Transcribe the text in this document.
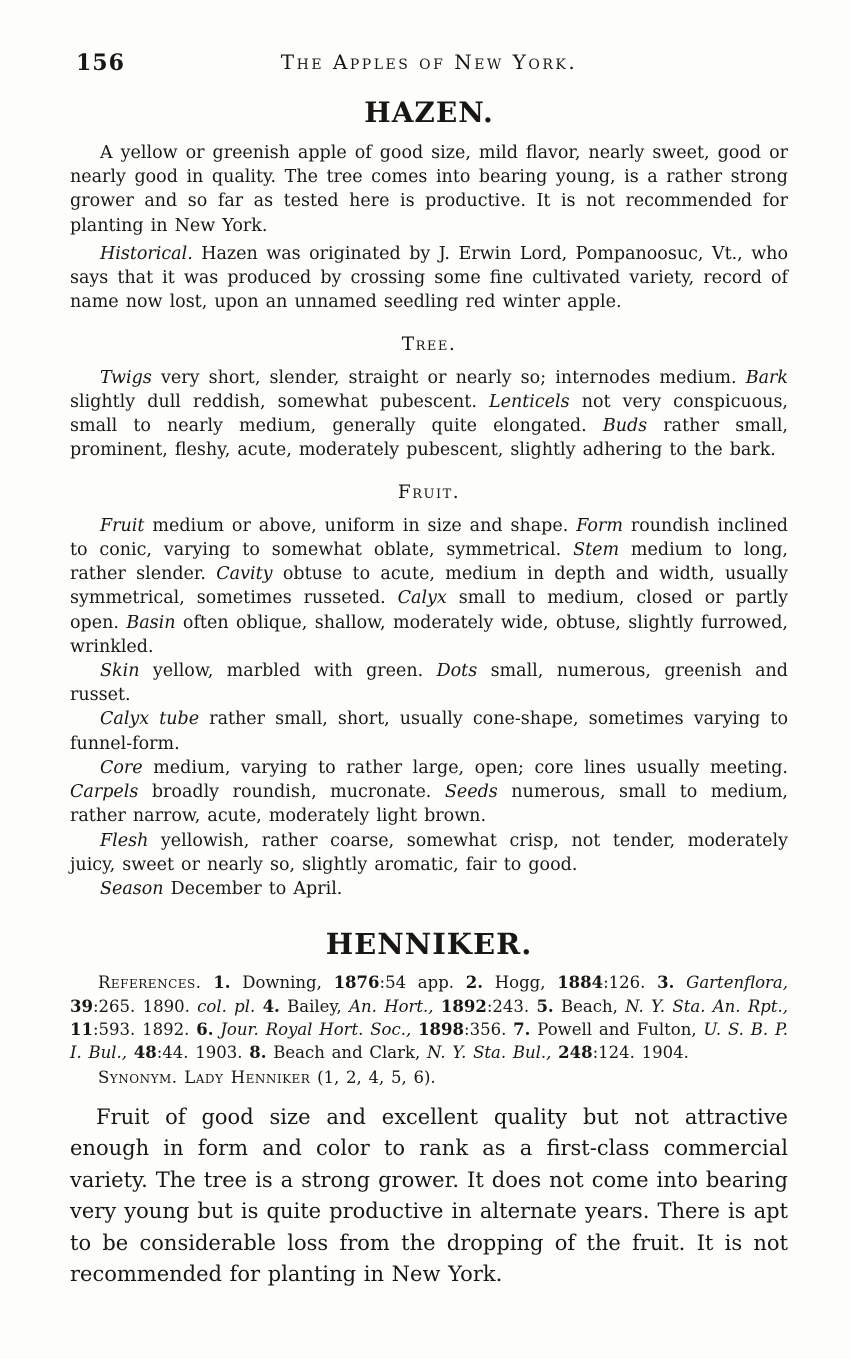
156	The Apples of New York.
HAZEN.

A yellow or greenish apple of good size, mild flavor, nearly sweet, good or nearly good in quality. The tree comes into bearing young, is a rather strong grower and so far as tested here is productive. It is not recommended for planting in New York.

Historical. Hazen was originated by J. Erwin Lord, Pompanoosuc, Vt., who says that it was produced by crossing some fine cultivated variety, record of name now lost, upon an unnamed seedling red winter apple.

Tree.

Twigs very short, slender, straight or nearly so; internodes medium. Bark slightly dull reddish, somewhat pubescent. Lenticels not very conspicuous, small to nearly medium, generally quite elongated. Buds rather small, prominent, fleshy, acute, moderately pubescent, slightly adhering to the bark.

Fruit.

Fruit medium or above, uniform in size and shape. Form roundish inclined to conic, varying to somewhat oblate, symmetrical. Stem medium to long, rather slender. Cavity obtuse to acute, medium in depth and width, usually symmetrical, sometimes russeted. Calyx small to medium, closed or partly open. Basin often oblique, shallow, moderately wide, obtuse, slightly furrowed, wrinkled.

Skin yellow, marbled with green. Dots small, numerous, greenish and russet.

Calyx tube rather small, short, usually cone-shape, sometimes varying to funnel-form.

Core medium, varying to rather large, open; core lines usually meeting. Carpels broadly roundish, mucronate. Seeds numerous, small to medium, rather narrow, acute, moderately light brown.

Flesh yellowish, rather coarse, somewhat crisp, not tender, moderately juicy, sweet or nearly so, slightly aromatic, fair to good.

Season December to April.

HENNIKER.

References. 1. Downing, 1876:54 app. 2. Hogg, 1884:126. 3. Gartenflora, 39:265. 1890. col. pl. 4. Bailey, An. Hort., 1892:243. 5. Beach, N. Y. Sta. An. Rpt., 11:593. 1892. 6. Jour. Royal Hort. Soc., 1898:356. 7. Powell and Fulton, U. S. B. P. I. Bul., 48:44. 1903. 8. Beach and Clark, N. Y. Sta. Bul., 248:124. 1904.

Synonym. Lady Henniker (1, 2, 4, 5, 6).

Fruit of good size and excellent quality but not attractive enough in form and color to rank as a first-class commercial variety. The tree is a strong grower. It does not come into bearing very young but is quite productive in alternate years. There is apt to be considerable loss from the dropping of the fruit. It is not recommended for planting in New York.
